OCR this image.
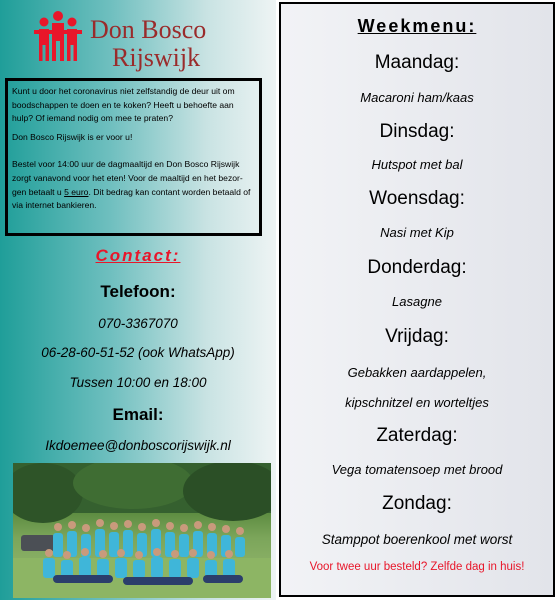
Don Bosco
Rijswijk

Kunt u door het coronavirus niet zelfstandig de deur uit om boodschappen te doen en te koken? Heeft u behoefte aan hulp? Of iemand nodig om mee te praten?

Don Bosco Rijswijk is er voor u!

Bestel voor 14:00 uur de dagmaaltijd en Don Bosco Rijswijk zorgt vanavond voor het eten! Voor de maaltijd en het bezor-gen betaalt u 5 euro. Dit bedrag kan contant worden betaald of via internet bankieren.

Contact:
Telefoon:
070-3367070
06-28-60-51-52 (ook WhatsApp)
Tussen 10:00 en 18:00
Email:
Ikdoemee@donboscorijswijk.nl
Weekmenu:
Maandag:
Macaroni ham/kaas
Dinsdag:
Hutspot met bal
Woensdag:
Nasi met Kip
Donderdag:
Lasagne
Vrijdag:
Gebakken aardappelen,
kipschnitzel en worteltjes
Zaterdag:
Vega tomatensoep met brood
Zondag:
Stamppot boerenkool met worst
Voor twee uur besteld? Zelfde dag in huis!
